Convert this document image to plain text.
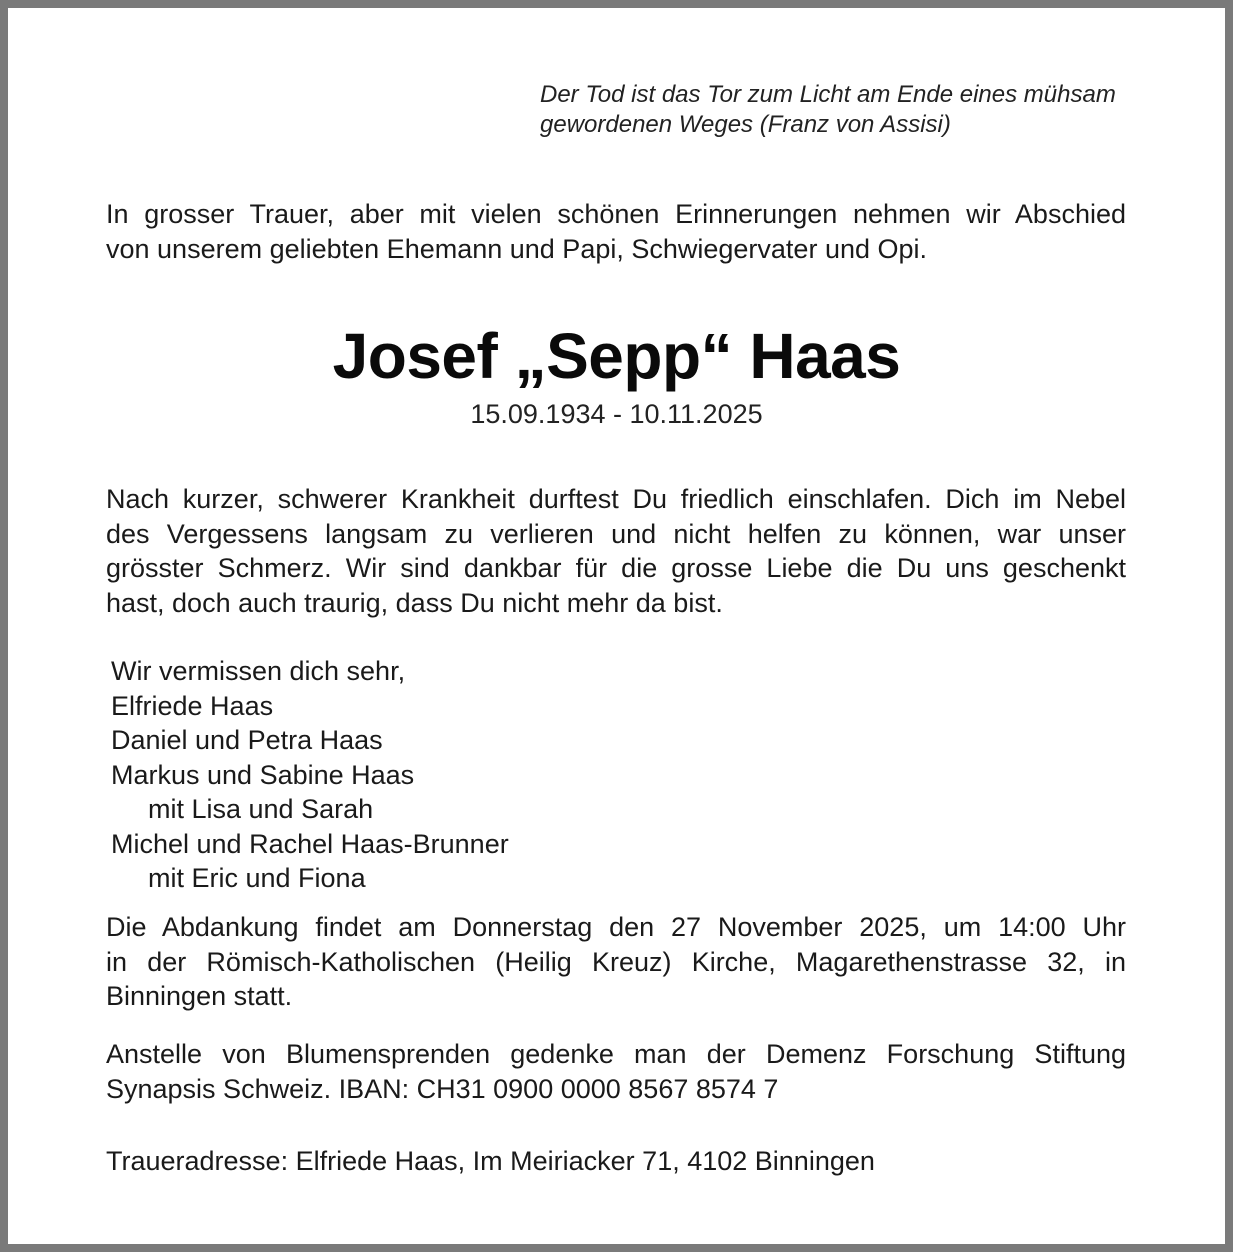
Der Tod ist das Tor zum Licht am Ende eines mühsam
gewordenen Weges (Franz von Assisi)
In grosser Trauer, aber mit vielen schönen Erinnerungen nehmen wir Abschied
von unserem geliebten Ehemann und Papi, Schwiegervater und Opi.
Josef „Sepp“ Haas
15.09.1934 - 10.11.2025
Nach kurzer, schwerer Krankheit durftest Du friedlich einschlafen. Dich im Nebel
des Vergessens langsam zu verlieren und nicht helfen zu können, war unser
grösster Schmerz. Wir sind dankbar für die grosse Liebe die Du uns geschenkt
hast, doch auch traurig, dass Du nicht mehr da bist.
Wir vermissen dich sehr,
Elfriede Haas
Daniel und Petra Haas
Markus und Sabine Haas
mit Lisa und Sarah
Michel und Rachel Haas-Brunner
mit Eric und Fiona
Die Abdankung findet am Donnerstag den 27 November 2025, um 14:00 Uhr
in der Römisch-Katholischen (Heilig Kreuz) Kirche, Magarethenstrasse 32, in
Binningen statt.
Anstelle von Blumensprenden gedenke man der Demenz Forschung Stiftung
Synapsis Schweiz. IBAN: CH31 0900 0000 8567 8574 7
Traueradresse: Elfriede Haas, Im Meiriacker 71, 4102 Binningen
